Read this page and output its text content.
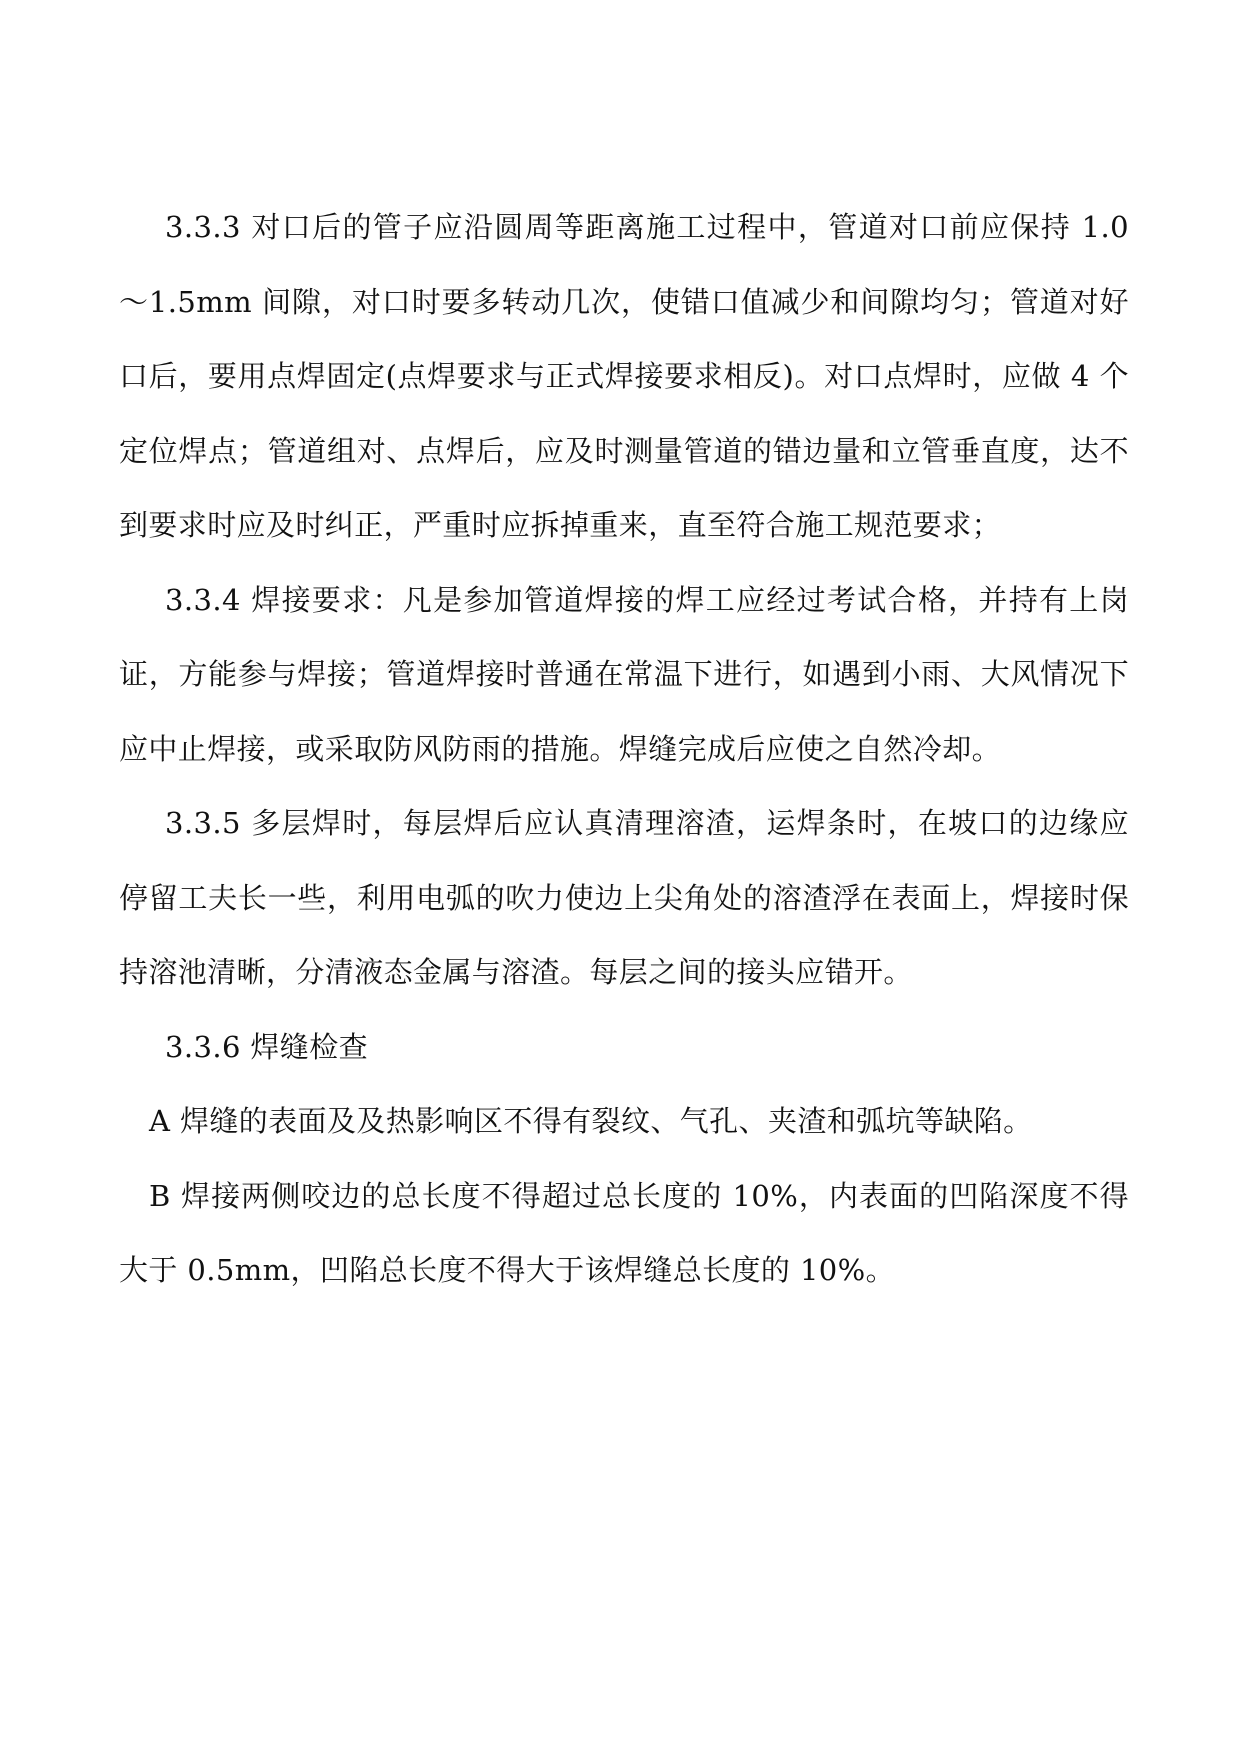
3.3.3 对口后的管子应沿圆周等距离施工过程中，管道对口前应保持 1.0～1.5mm 间隙，对口时要多转动几次，使错口值减少和间隙均匀；管道对好口后，要用点焊固定(点焊要求与正式焊接要求相反)。对口点焊时，应做 4 个定位焊点；管道组对、点焊后，应及时测量管道的错边量和立管垂直度，达不到要求时应及时纠正，严重时应拆掉重来，直至符合施工规范要求；

3.3.4 焊接要求：凡是参加管道焊接的焊工应经过考试合格，并持有上岗证，方能参与焊接；管道焊接时普通在常温下进行，如遇到小雨、大风情况下应中止焊接，或采取防风防雨的措施。焊缝完成后应使之自然冷却。

3.3.5 多层焊时，每层焊后应认真清理溶渣，运焊条时，在坡口的边缘应停留工夫长一些，利用电弧的吹力使边上尖角处的溶渣浮在表面上，焊接时保持溶池清晰，分清液态金属与溶渣。每层之间的接头应错开。

3.3.6 焊缝检查

A 焊缝的表面及及热影响区不得有裂纹、气孔、夹渣和弧坑等缺陷。

B 焊接两侧咬边的总长度不得超过总长度的 10%，内表面的凹陷深度不得大于 0.5mm，凹陷总长度不得大于该焊缝总长度的 10%。
